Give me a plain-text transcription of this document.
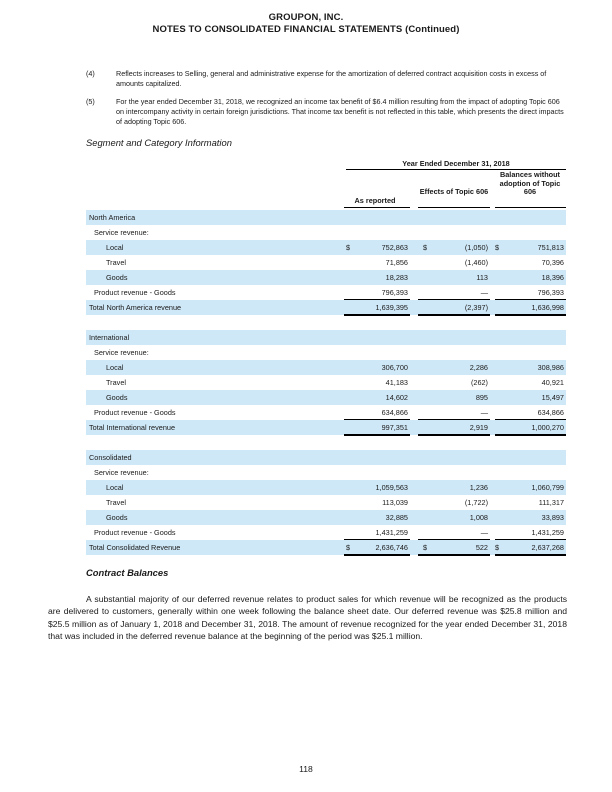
GROUPON, INC.
NOTES TO CONSOLIDATED FINANCIAL STATEMENTS (Continued)
(4)	Reflects increases to Selling, general and administrative expense for the amortization of deferred contract acquisition costs in excess of amounts capitalized.
(5)	For the year ended December 31, 2018, we recognized an income tax benefit of $6.4 million resulting from the impact of adopting Topic 606 on intercompany activity in certain foreign jurisdictions. That income tax benefit is not reflected in this table, which presents the direct impacts of adopting Topic 606.
Segment and Category Information
Year Ended December 31, 2018
As reported
Effects of Topic 606
Balances without adoption of Topic 606
North America
Service revenue:
Local	$	752,863 $	(1,050) $	751,813
Travel	71,856	(1,460)	70,396
Goods	18,283	113	18,396
Product revenue - Goods	796,393	—	796,393
Total North America revenue	1,639,395	(2,397)	1,636,998
International
Service revenue:
Local	306,700	2,286	308,986
Travel	41,183	(262)	40,921
Goods	14,602	895	15,497
Product revenue - Goods	634,866	—	634,866
Total International revenue	997,351	2,919	1,000,270
Consolidated
Service revenue:
Local	1,059,563	1,236	1,060,799
Travel	113,039	(1,722)	111,317
Goods	32,885	1,008	33,893
Product revenue - Goods	1,431,259	—	1,431,259
Total Consolidated Revenue	$	2,636,746 $	522 $	2,637,268
Contract Balances
A substantial majority of our deferred revenue relates to product sales for which revenue will be recognized as the products are delivered to customers, generally within one week following the balance sheet date. Our deferred revenue was $25.8 million and $25.5 million as of January 1, 2018 and December 31, 2018. The amount of revenue recognized for the year ended December 31, 2018 that was included in the deferred revenue balance at the beginning of the period was $25.1 million.
118
